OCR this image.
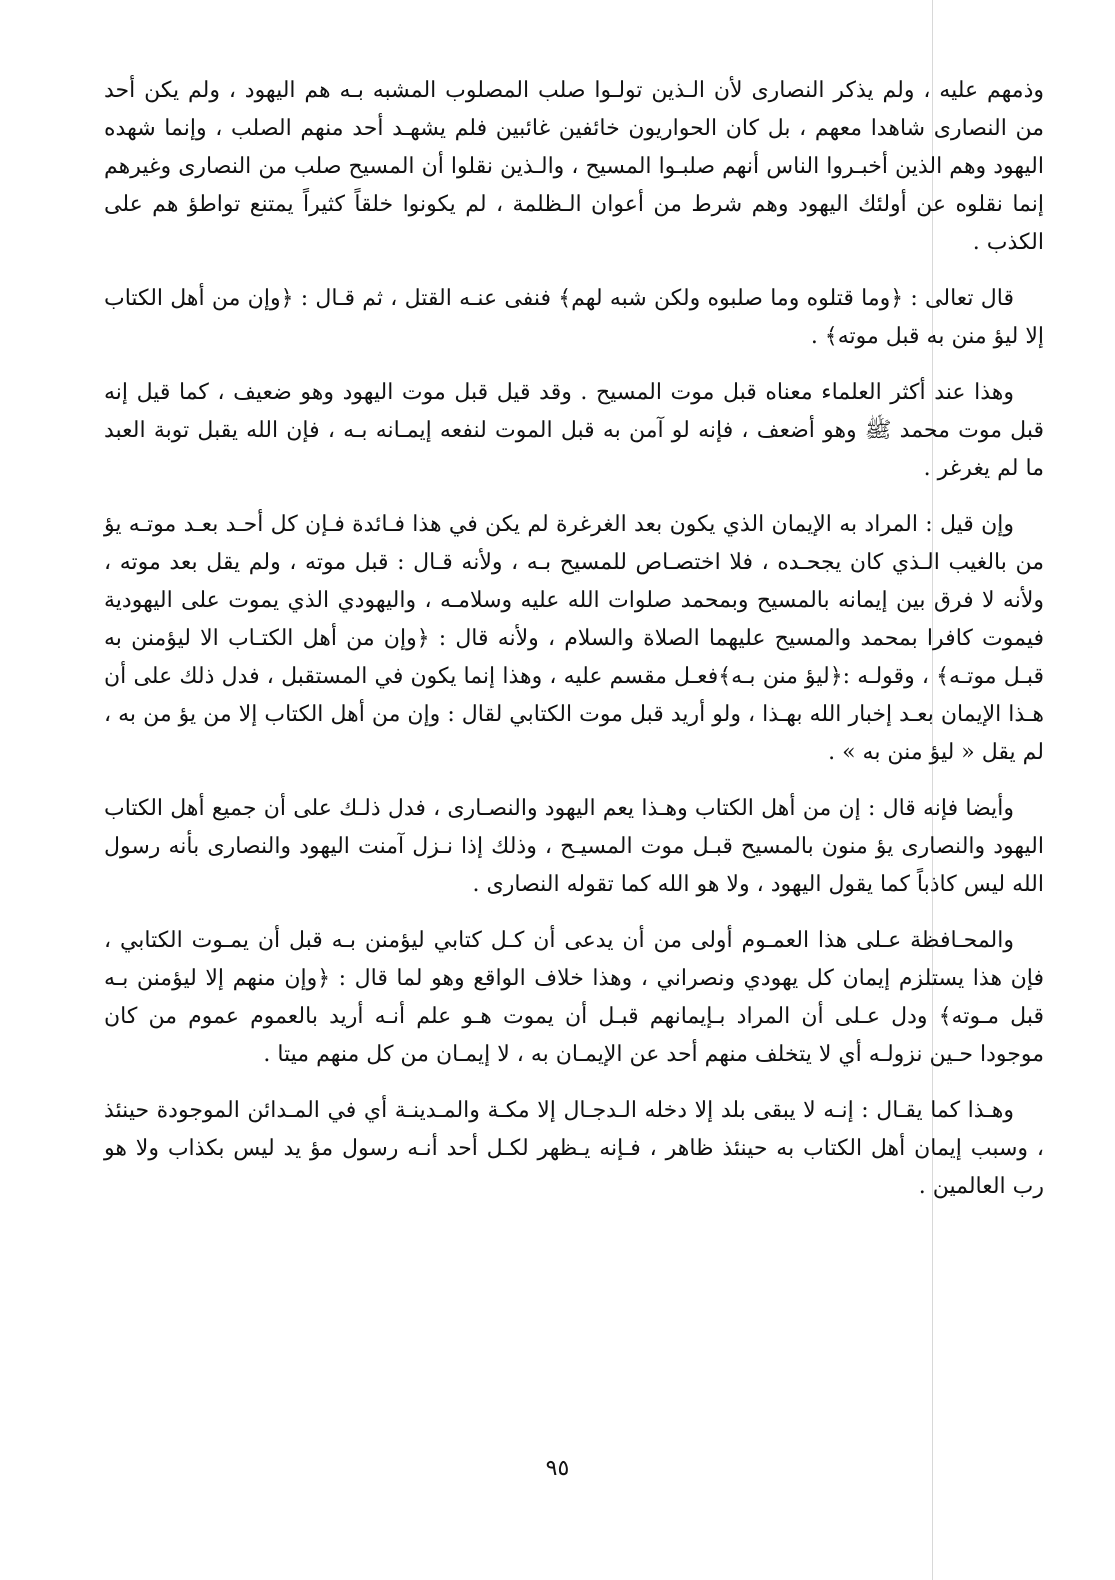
وذمهم عليه ، ولم يذكر النصارى لأن الـذين تولـوا صلب المصلوب المشبه بـه هم اليهود ، ولم يكن أحد من النصارى شاهدا معهم ، بل كان الحواريون خائفين غائبين فلم يشهـد أحد منهم الصلب ، وإنما شهده اليهود وهم الذين أخبـروا الناس أنهم صلبـوا المسيح ، والـذين نقلوا أن المسيح صلب من النصارى وغيرهم إنما نقلوه عن أولئك اليهود وهم شرط من أعوان الـظلمة ، لم يكونوا خلقاً كثيراً يمتنع تواطؤ هم على الكذب .

قال تعالى : ﴿وما قتلوه وما صلبوه ولكن شبه لهم﴾ فنفى عنـه القتل ، ثم قـال : ﴿وإن من أهل الكتاب إلا ليؤ منن به قبل موته﴾ .

وهذا عند أكثر العلماء معناه قبل موت المسيح . وقد قيل قبل موت اليهود وهو ضعيف ، كما قيل إنه قبل موت محمد ﷺ وهو أضعف ، فإنه لو آمن به قبل الموت لنفعه إيمـانه بـه ، فإن الله يقبل توبة العبد ما لم يغرغر .

وإن قيل : المراد به الإيمان الذي يكون بعد الغرغرة لم يكن في هذا فـائدة فـإن كل أحـد بعـد موتـه يؤ من بالغيب الـذي كان يجحـده ، فلا اختصـاص للمسيح بـه ، ولأنه قـال : قبل موته ، ولم يقل بعد موته ، ولأنه لا فرق بين إيمانه بالمسيح وبمحمد صلوات الله عليه وسلامـه ، واليهودي الذي يموت على اليهودية فيموت كافرا بمحمد والمسيح عليهما الصلاة والسلام ، ولأنه قال : ﴿وإن من أهل الكتـاب الا ليؤمنن به قبـل موتـه﴾ ، وقولـه :﴿ليؤ منن بـه﴾فعـل مقسم عليه ، وهذا إنما يكون في المستقبل ، فدل ذلك على أن هـذا الإيمان بعـد إخبار الله بهـذا ، ولو أريد قبل موت الكتابي لقال : وإن من أهل الكتاب إلا من يؤ من به ، لم يقل « ليؤ منن به » .

وأيضا فإنه قال : إن من أهل الكتاب وهـذا يعم اليهود والنصـارى ، فدل ذلـك على أن جميع أهل الكتاب اليهود والنصارى يؤ منون بالمسيح قبـل موت المسيـح ، وذلك إذا نـزل آمنت اليهود والنصارى بأنه رسول الله ليس كاذباً كما يقول اليهود ، ولا هو الله كما تقوله النصارى .

والمحـافظة عـلى هذا العمـوم أولى من أن يدعى أن كـل كتابي ليؤمنن بـه قبل أن يمـوت الكتابي ، فإن هذا يستلزم إيمان كل يهودي ونصراني ، وهذا خلاف الواقع وهو لما قال : ﴿وإن منهم إلا ليؤمنن بـه قبل مـوته﴾ ودل عـلى أن المراد بـإيمانهم قبـل أن يموت هـو علم أنـه أريد بالعموم عموم من كان موجودا حـين نزولـه أي لا يتخلف منهم أحد عن الإيمـان به ، لا إيمـان من كل منهم ميتا .

وهـذا كما يقـال : إنـه لا يبقى بلد إلا دخله الـدجـال إلا مكـة والمـدينـة أي في المـدائن الموجودة حينئذ ، وسبب إيمان أهل الكتاب به حينئذ ظاهر ، فـإنه يـظهر لكـل أحد أنـه رسول مؤ يد ليس بكذاب ولا هو رب العالمين .

٩٥
